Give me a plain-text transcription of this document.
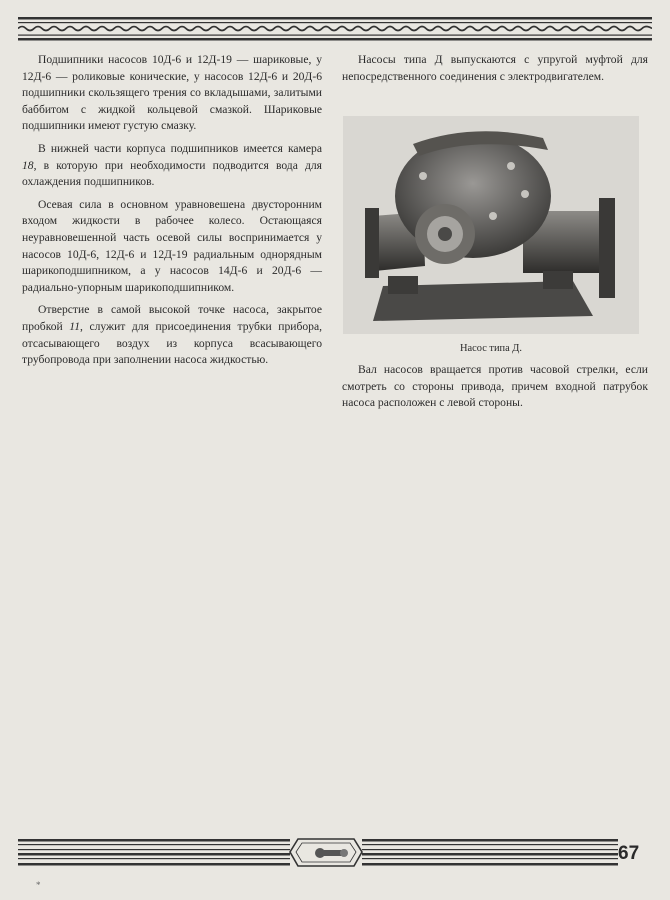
Подшипники насосов 10Д-6 и 12Д-19 — шариковые, у 12Д-6 — роликовые конические, у насосов 12Д-6 и 20Д-6 подшипники скользящего трения со вкладышами, залитыми баббитом с жидкой кольцевой смазкой. Шариковые подшипники имеют густую смазку.

В нижней части корпуса подшипников имеется камера 18, в которую при необходимости подводится вода для охлаждения подшипников.

Осевая сила в основном уравновешена двусторонним входом жидкости в рабочее колесо. Остающаяся неуравновешенной часть осевой силы воспринимается у насосов 10Д-6, 12Д-6 и 12Д-19 радиальным однорядным шарикоподшипником, а у насосов 14Д-6 и 20Д-6 — радиально-упорным шарикоподшипником.

Отверстие в самой высокой точке насоса, закрытое пробкой 11, служит для присоединения трубки прибора, отсасывающего воздух из корпуса всасывающего трубопровода при заполнении насоса жидкостью.

Насосы типа Д выпускаются с упругой муфтой для непосредственного соединения с электродвигателем.

Насос типа Д.

Вал насосов вращается против часовой стрелки, если смотреть со стороны привода, причем входной патрубок насоса расположен с левой стороны.

67
*
